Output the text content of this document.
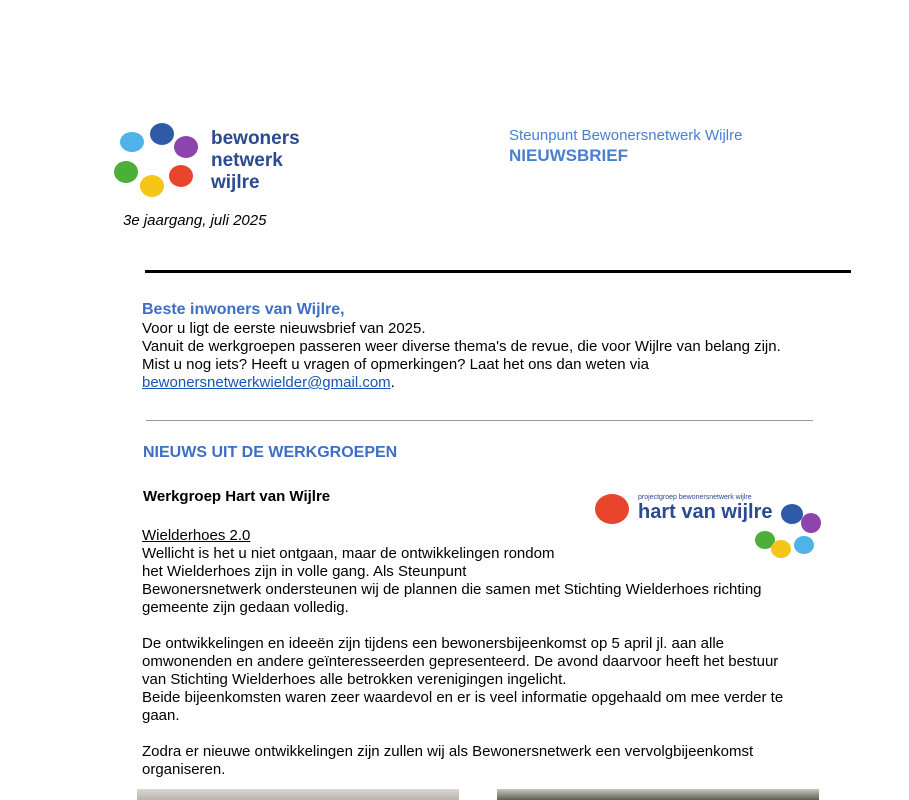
bewoners
netwerk
wijlre
3e jaargang, juli 2025
Steunpunt Bewonersnetwerk Wijlre
NIEUWSBRIEF
Beste inwoners van Wijlre,
Voor u ligt de eerste nieuwsbrief van 2025.
Vanuit de werkgroepen passeren weer diverse thema's de revue, die voor Wijlre van belang zijn.
Mist u nog iets? Heeft u vragen of opmerkingen? Laat het ons dan weten via
bewonersnetwerkwielder@gmail.com.
NIEUWS UIT DE WERKGROEPEN
Werkgroep Hart van Wijlre	projectgroep bewonersnetwerk wijlre
hart van wijlre

Wielderhoes 2.0

Wellicht is het u niet ontgaan, maar de ontwikkelingen rondom

het Wielderhoes zijn in volle gang. Als Steunpunt

Bewonersnetwerk ondersteunen wij de plannen die samen met Stichting Wielderhoes richting

gemeente zijn gedaan volledig.

De ontwikkelingen en ideeën zijn tijdens een bewonersbijeenkomst op 5 april jl. aan alle

omwonenden en andere geïnteresseerden gepresenteerd. De avond daarvoor heeft het bestuur

van Stichting Wielderhoes alle betrokken verenigingen ingelicht.

Beide bijeenkomsten waren zeer waardevol en er is veel informatie opgehaald om mee verder te

gaan.

Zodra er nieuwe ontwikkelingen zijn zullen wij als Bewonersnetwerk een vervolgbijeenkomst

organiseren.
